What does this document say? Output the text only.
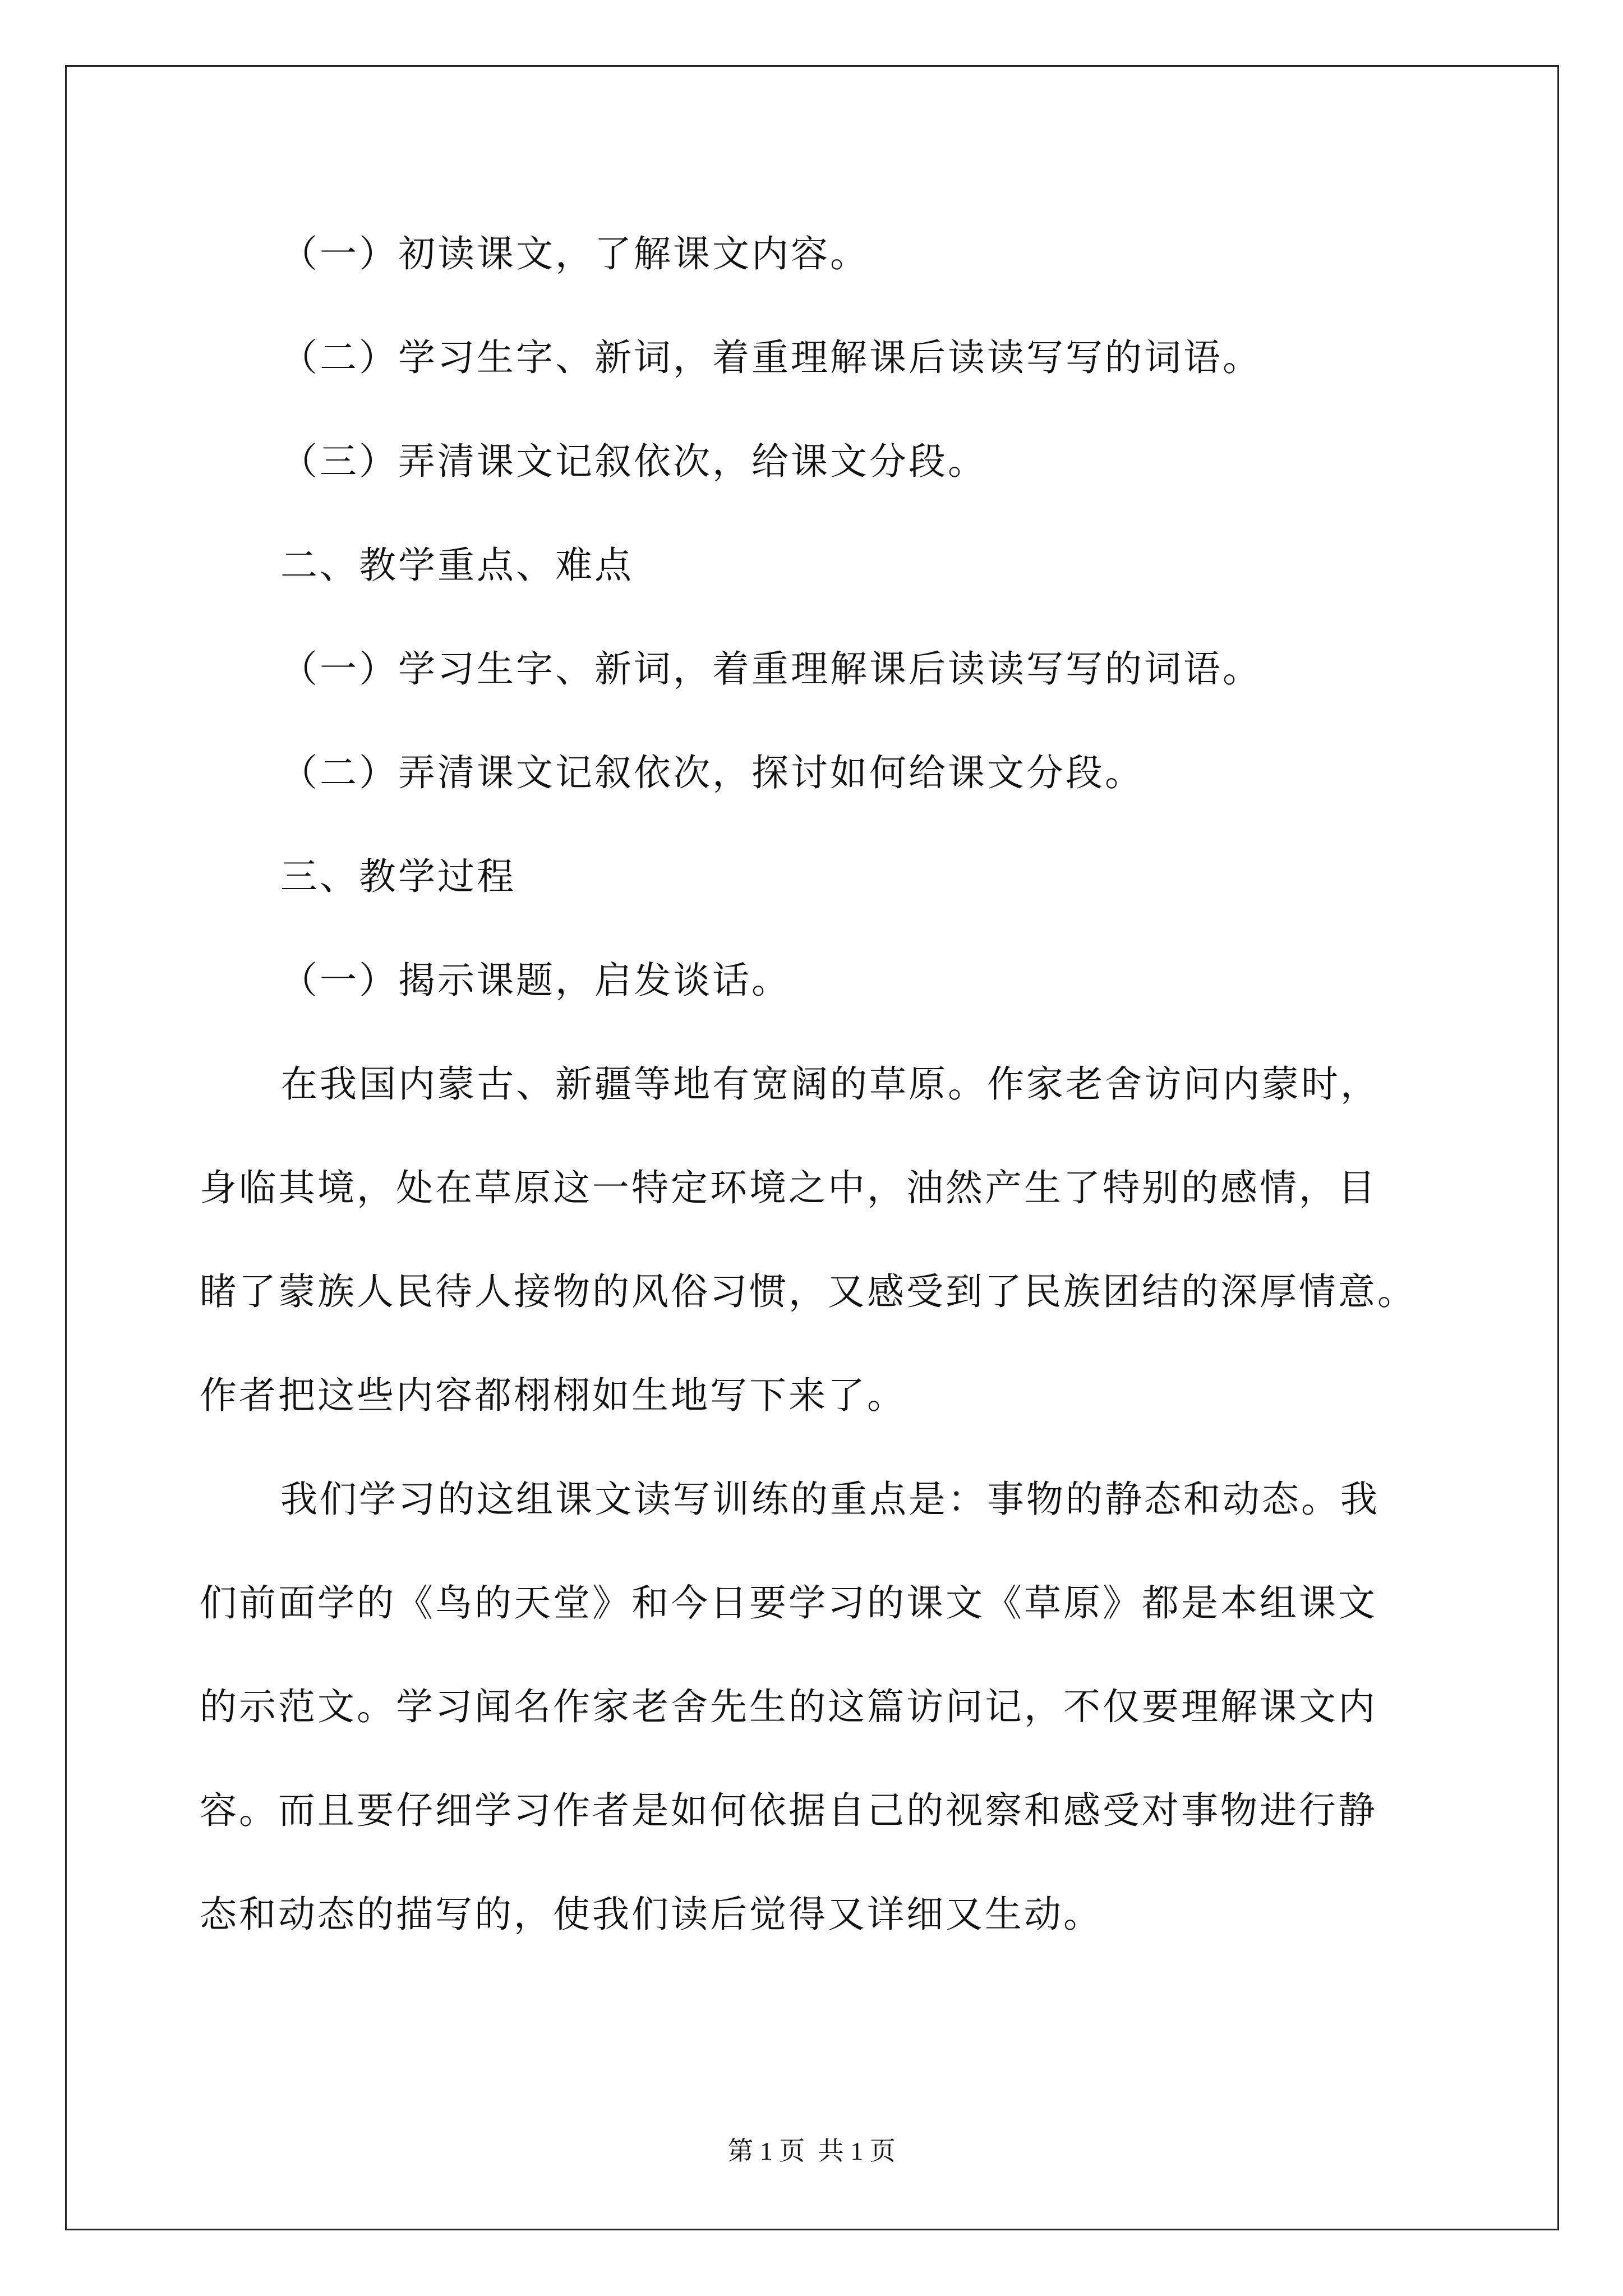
（一）初读课文，了解课文内容。
（二）学习生字、新词，着重理解课后读读写写的词语。
（三）弄清课文记叙依次，给课文分段。
二、教学重点、难点
（一）学习生字、新词，着重理解课后读读写写的词语。
（二）弄清课文记叙依次，探讨如何给课文分段。
三、教学过程
（一）揭示课题，启发谈话。
在我国内蒙古、新疆等地有宽阔的草原。作家老舍访问内蒙时，
身临其境，处在草原这一特定环境之中，油然产生了特别的感情，目
睹了蒙族人民待人接物的风俗习惯，又感受到了民族团结的深厚情意。
作者把这些内容都栩栩如生地写下来了。
我们学习的这组课文读写训练的重点是：事物的静态和动态。我
们前面学的《鸟的天堂》和今日要学习的课文《草原》都是本组课文
的示范文。学习闻名作家老舍先生的这篇访问记，不仅要理解课文内
容。而且要仔细学习作者是如何依据自己的视察和感受对事物进行静
态和动态的描写的，使我们读后觉得又详细又生动。
第 1 页 共 1 页
